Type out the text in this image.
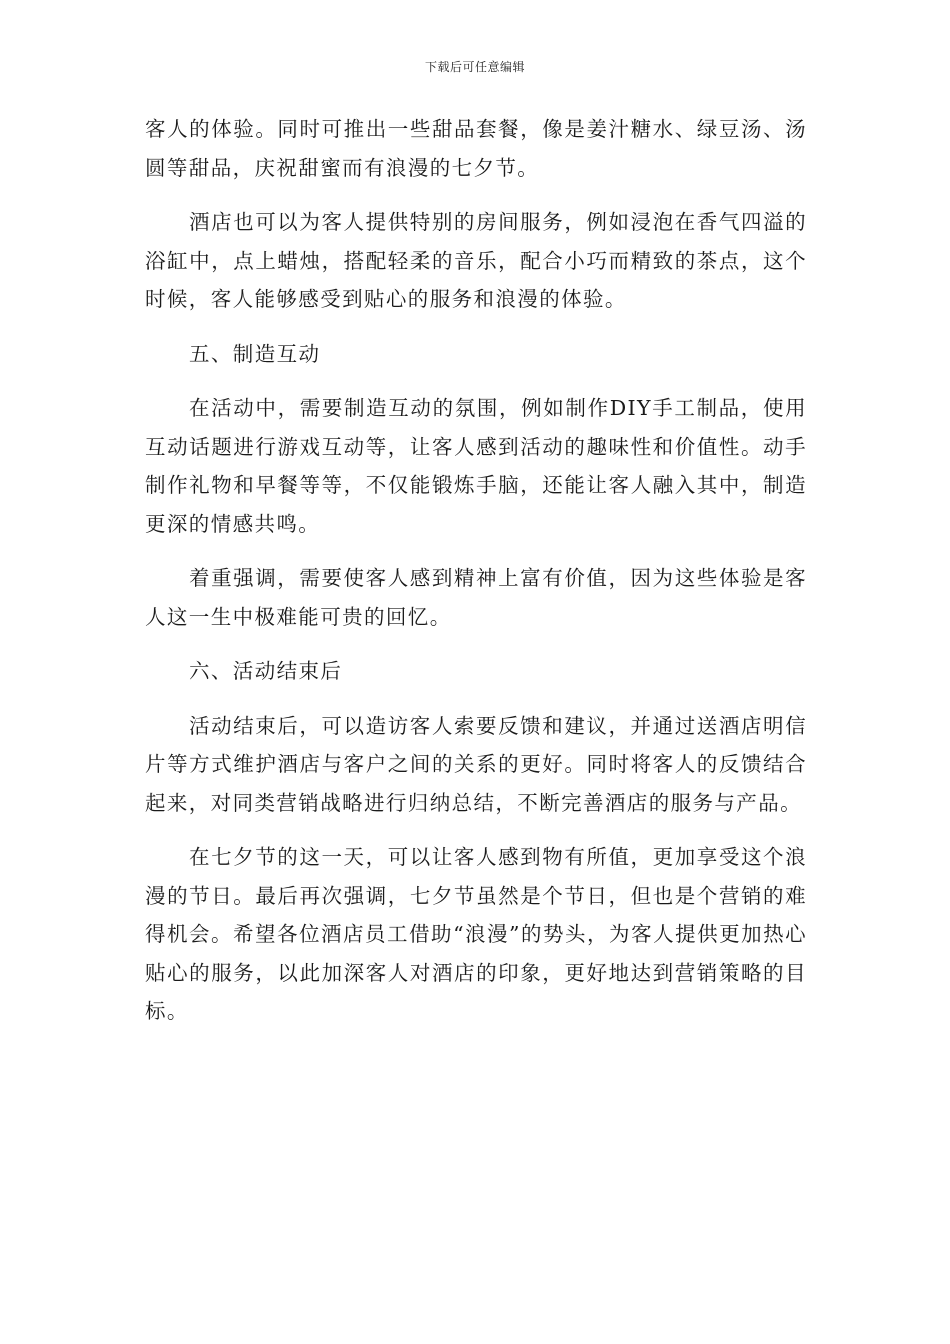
下载后可任意编辑

客人的体验。同时可推出一些甜品套餐，像是姜汁糖水、绿豆汤、汤圆等甜品，庆祝甜蜜而有浪漫的七夕节。

酒店也可以为客人提供特别的房间服务，例如浸泡在香气四溢的浴缸中，点上蜡烛，搭配轻柔的音乐，配合小巧而精致的茶点，这个时候，客人能够感受到贴心的服务和浪漫的体验。

五、制造互动

在活动中，需要制造互动的氛围，例如制作DIY手工制品，使用互动话题进行游戏互动等，让客人感到活动的趣味性和价值性。动手制作礼物和早餐等等，不仅能锻炼手脑，还能让客人融入其中，制造更深的情感共鸣。

着重强调，需要使客人感到精神上富有价值，因为这些体验是客人这一生中极难能可贵的回忆。

六、活动结束后

活动结束后，可以造访客人索要反馈和建议，并通过送酒店明信片等方式维护酒店与客户之间的关系的更好。同时将客人的反馈结合起来，对同类营销战略进行归纳总结，不断完善酒店的服务与产品。

在七夕节的这一天，可以让客人感到物有所值，更加享受这个浪漫的节日。最后再次强调，七夕节虽然是个节日，但也是个营销的难得机会。希望各位酒店员工借助“浪漫”的势头，为客人提供更加热心贴心的服务，以此加深客人对酒店的印象，更好地达到营销策略的目标。
